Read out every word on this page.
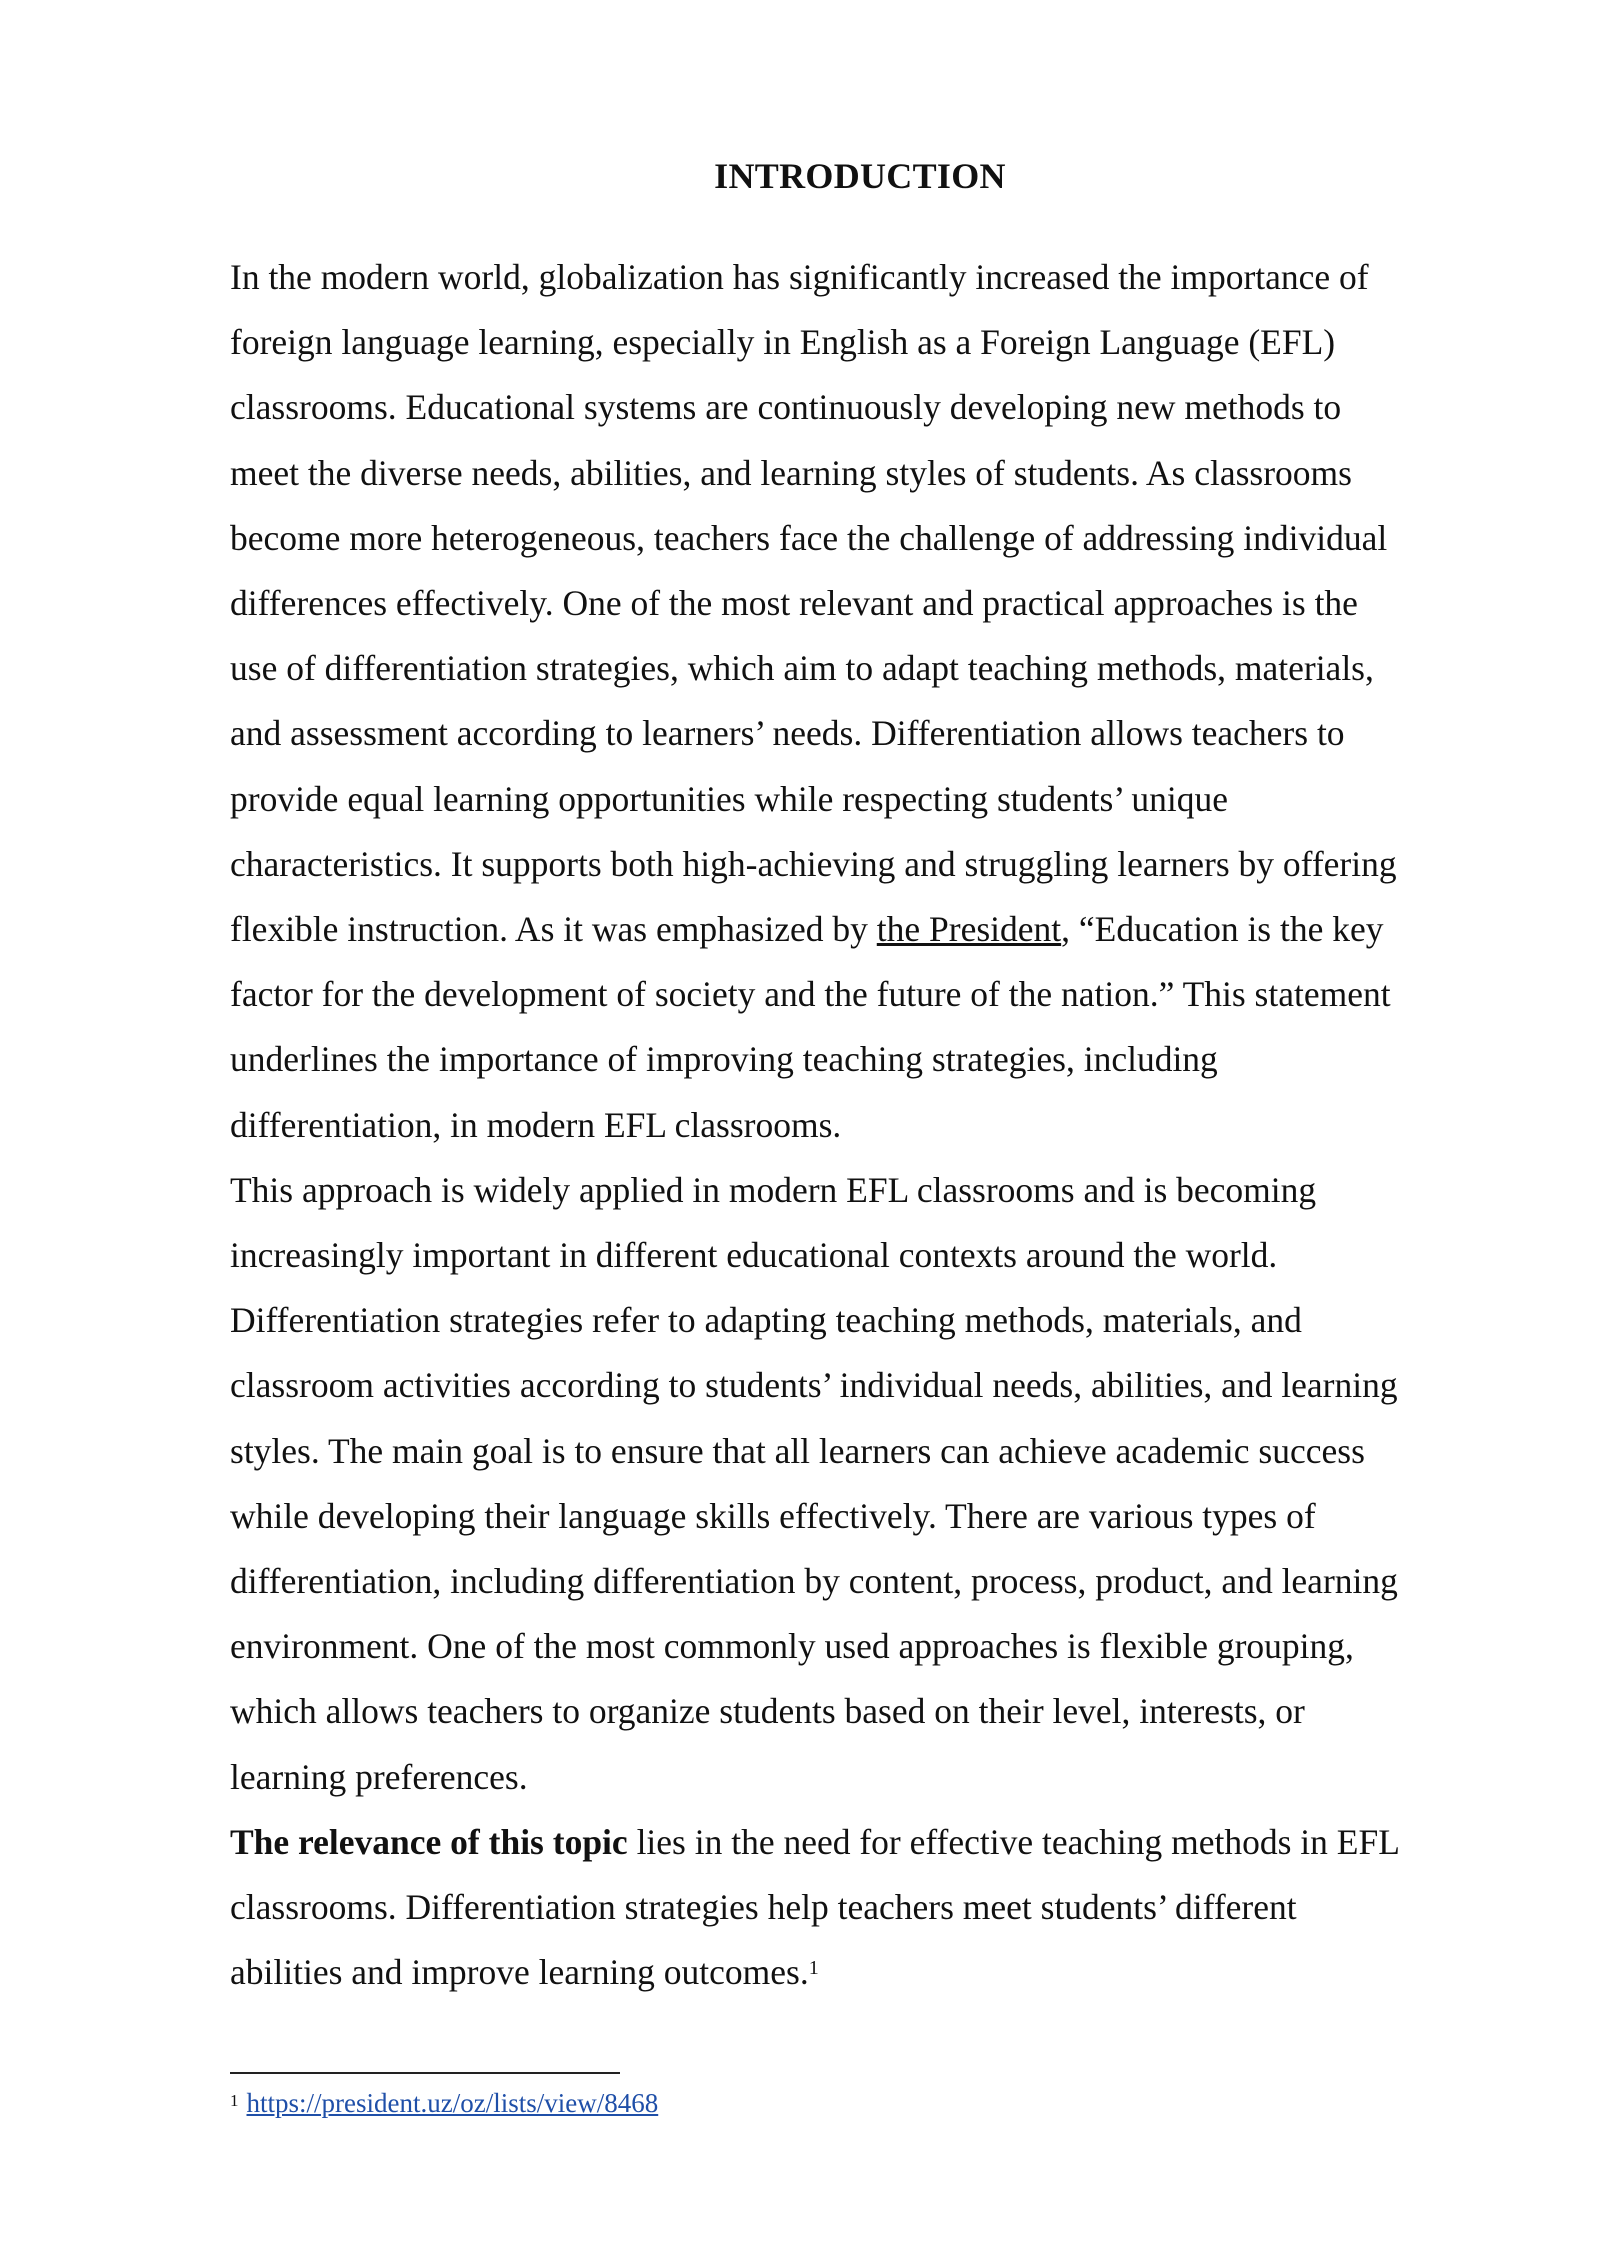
INTRODUCTION
In the modern world, globalization has significantly increased the importance of
foreign language learning, especially in English as a Foreign Language (EFL)
classrooms. Educational systems are continuously developing new methods to
meet the diverse needs, abilities, and learning styles of students. As classrooms
become more heterogeneous, teachers face the challenge of addressing individual
differences effectively. One of the most relevant and practical approaches is the
use of differentiation strategies, which aim to adapt teaching methods, materials,
and assessment according to learners’ needs. Differentiation allows teachers to
provide equal learning opportunities while respecting students’ unique
characteristics. It supports both high-achieving and struggling learners by offering
flexible instruction. As it was emphasized by the President, “Education is the key
factor for the development of society and the future of the nation.” This statement
underlines the importance of improving teaching strategies, including
differentiation, in modern EFL classrooms.
This approach is widely applied in modern EFL classrooms and is becoming
increasingly important in different educational contexts around the world.
Differentiation strategies refer to adapting teaching methods, materials, and
classroom activities according to students’ individual needs, abilities, and learning
styles. The main goal is to ensure that all learners can achieve academic success
while developing their language skills effectively. There are various types of
differentiation, including differentiation by content, process, product, and learning
environment. One of the most commonly used approaches is flexible grouping,
which allows teachers to organize students based on their level, interests, or
learning preferences.
The relevance of this topic lies in the need for effective teaching methods in EFL
classrooms. Differentiation strategies help teachers meet students’ different
abilities and improve learning outcomes.$^1$
$^1$ https://president.uz/oz/lists/view/8468
